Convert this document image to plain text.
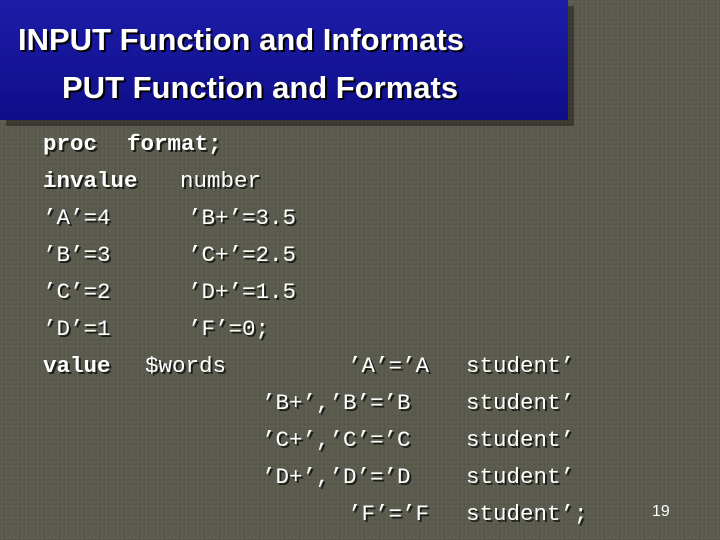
INPUT Function and Informats
PUT Function and Formats
proc format;
invalue number
’A’=4	’B+’=3.5
’B’=3	’C+’=2.5
’C’=2	’D+’=1.5
’D’=1	’F’=0;
value $words	’A’=’A student’
’B+’,’B’=’B student’
’C+’,’C’=’C student’
’D+’,’D’=’D student’
’F’=’F student’;	19
